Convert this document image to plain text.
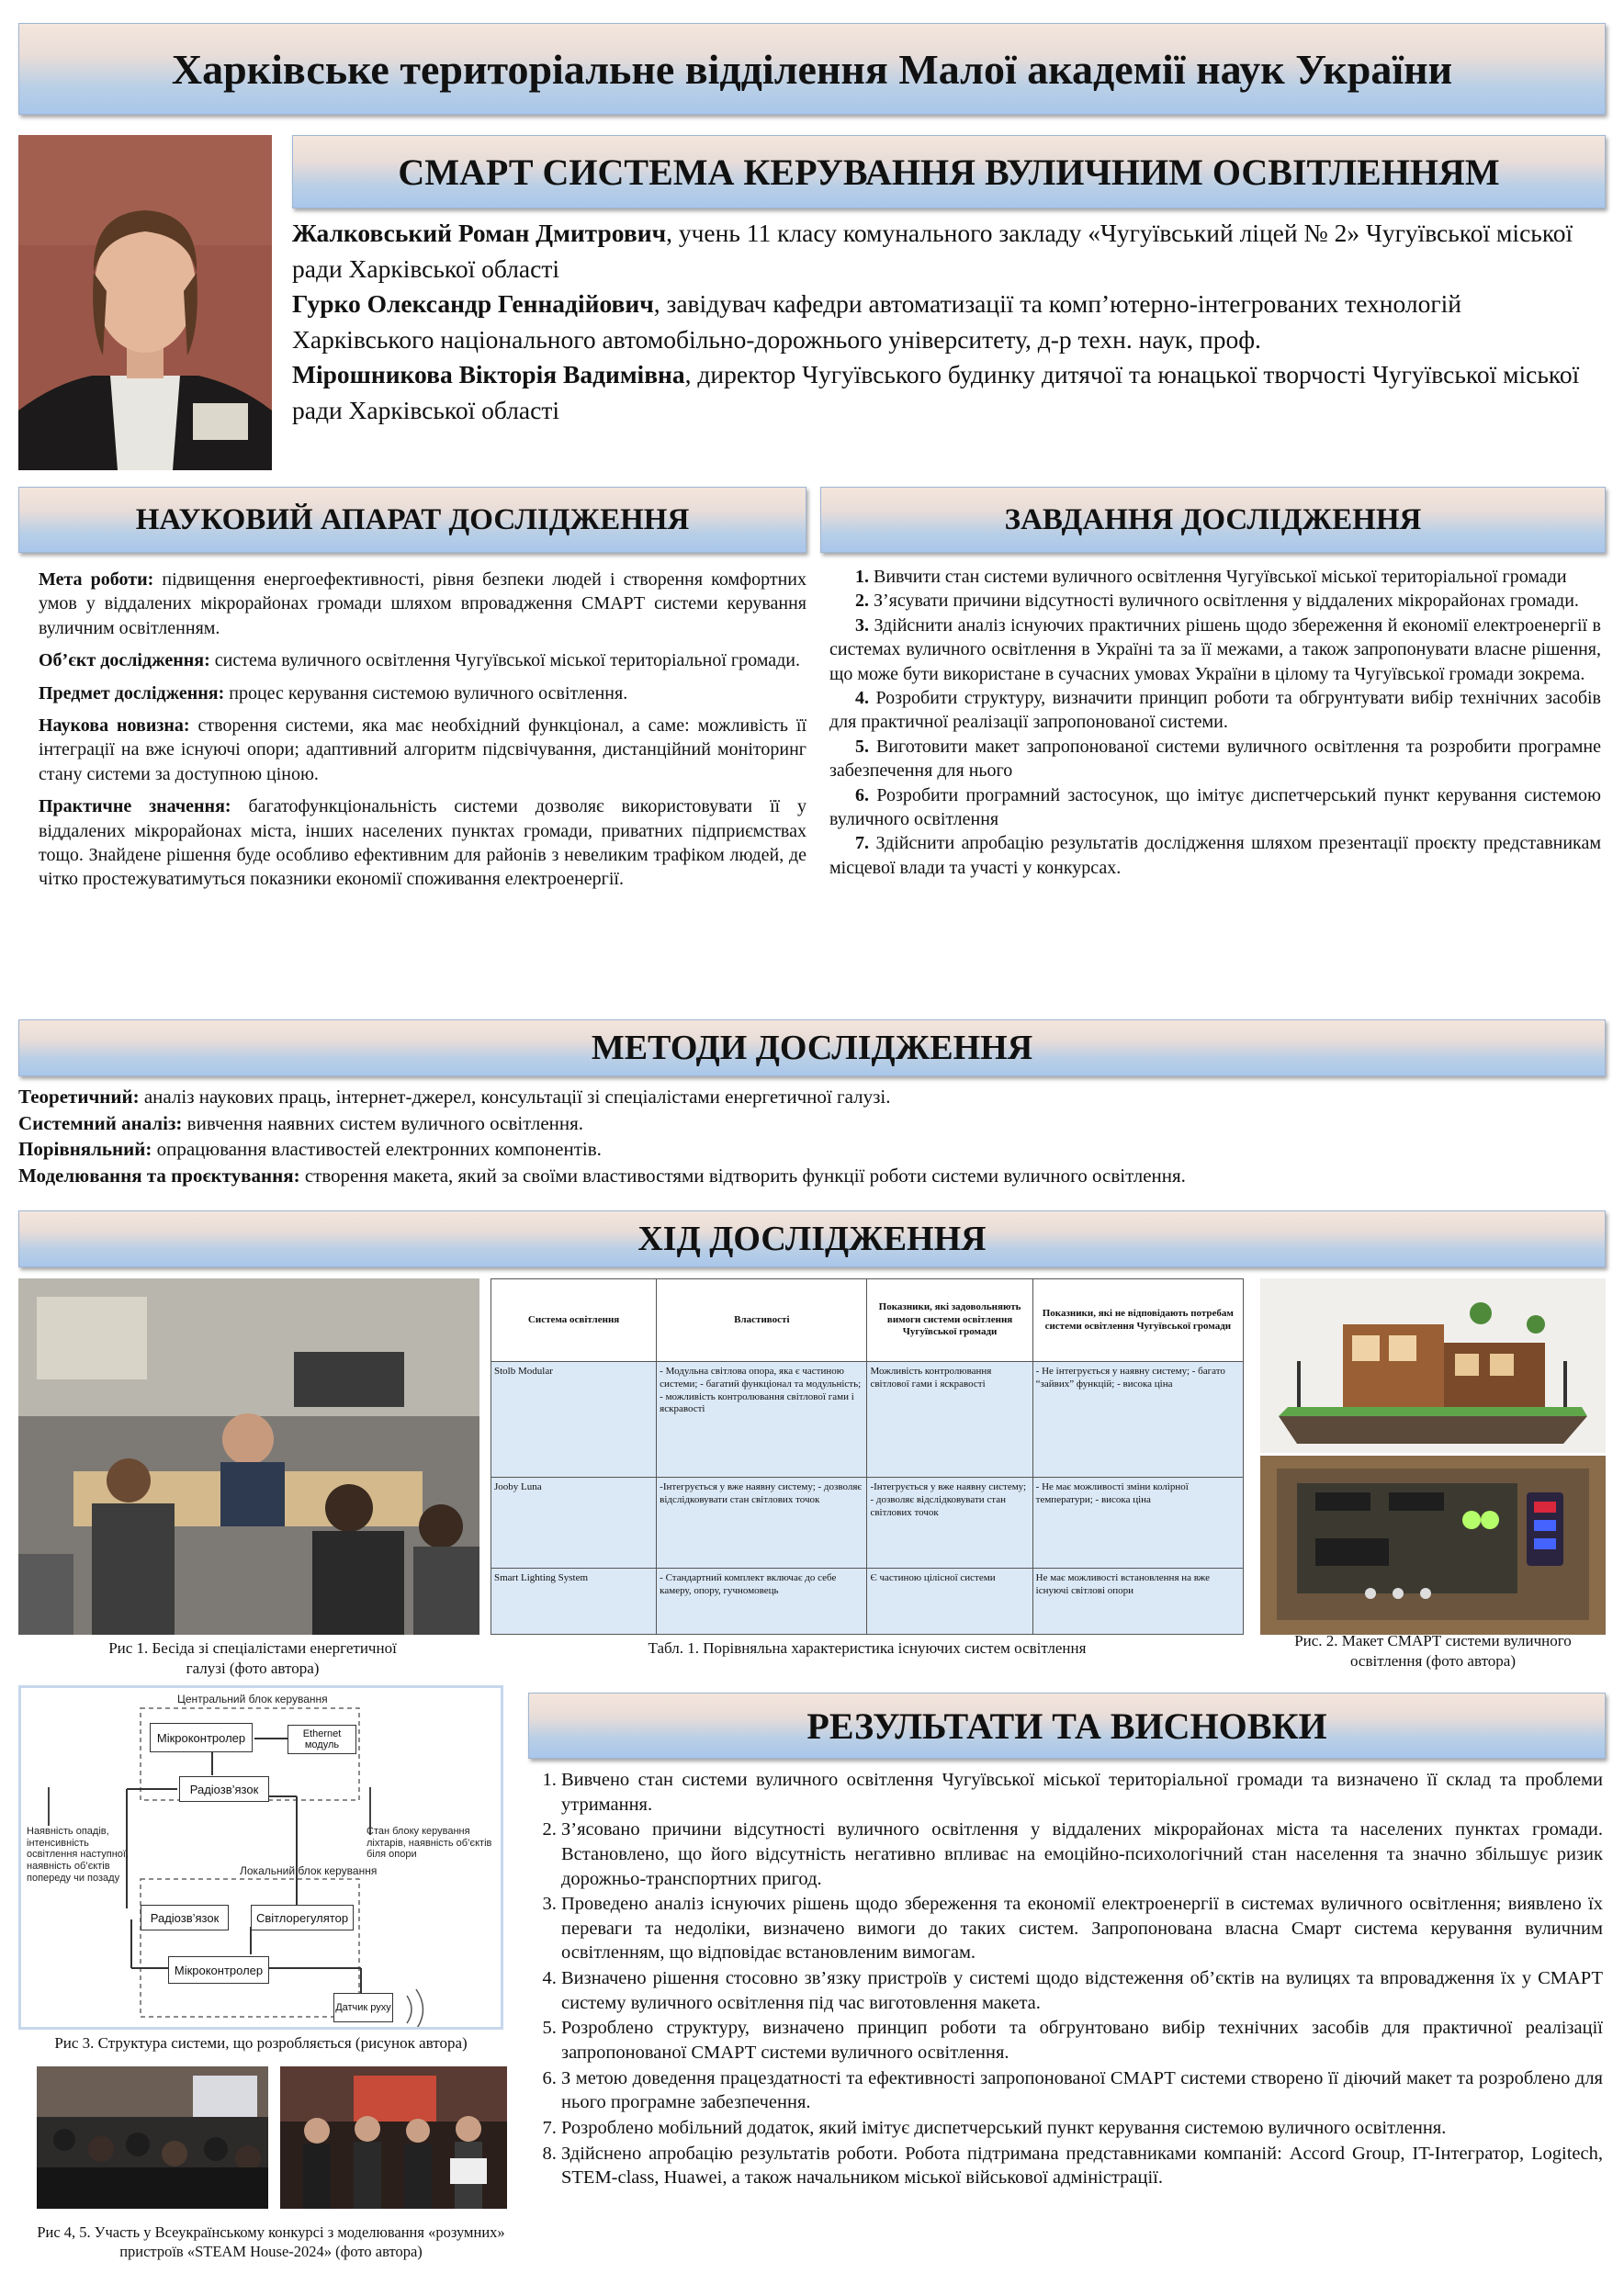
Харківське територіальне відділення Малої академії наук України
СМАРТ СИСТЕМА КЕРУВАННЯ ВУЛИЧНИМ ОСВІТЛЕННЯМ
Жалковський Роман Дмитрович, учень 11 класу комунального закладу «Чугуївський ліцей № 2» Чугуївської міської ради Харківської області
Гурко Олександр Геннадійович, завідувач кафедри автоматизації та комп’ютерно-інтегрованих технологій Харківського національного автомобільно-дорожнього університету, д-р техн. наук, проф.
Мірошникова Вікторія Вадимівна, директор Чугуївського будинку дитячої та юнацької творчості Чугуївської міської ради Харківської області
НАУКОВИЙ АПАРАТ ДОСЛІДЖЕННЯ
Мета роботи: підвищення енергоефективності, рівня безпеки людей і створення комфортних умов у віддалених мікрорайонах громади шляхом впровадження СМАРТ системи керування вуличним освітленням.
Об’єкт дослідження: система вуличного освітлення Чугуївської міської територіальної громади.
Предмет дослідження: процес керування системою вуличного освітлення.
Наукова новизна: створення системи, яка має необхідний функціонал, а саме: можливість її інтеграції на вже існуючі опори; адаптивний алгоритм підсвічування, дистанційний моніторинг стану системи за доступною ціною.
Практичне значення: багатофункціональність системи дозволяє використовувати її у віддалених мікрорайонах міста, інших населених пунктах громади, приватних підприємствах тощо. Знайдене рішення буде особливо ефективним для районів з невеликим трафіком людей, де чітко простежуватимуться показники економії споживання електроенергії.
ЗАВДАННЯ ДОСЛІДЖЕННЯ
1. Вивчити стан системи вуличного освітлення Чугуївської міської територіальної громади
2. З’ясувати причини відсутності вуличного освітлення у віддалених мікрорайонах громади.
3. Здійснити аналіз існуючих практичних рішень щодо збереження й економії електроенергії в системах вуличного освітлення в Україні та за її межами, а також запропонувати власне рішення, що може бути використане в сучасних умовах України в цілому та Чугуївської громади зокрема.
4. Розробити структуру, визначити принцип роботи та обгрунтувати вибір технічних засобів для практичної реалізації запропонованої системи.
5. Виготовити макет запропонованої системи вуличного освітлення та розробити програмне забезпечення для нього
6. Розробити програмний застосунок, що імітує диспетчерський пункт керування системою вуличного освітлення
7. Здійснити апробацію результатів дослідження шляхом презентації проєкту представникам місцевої влади та участі у конкурсах.
МЕТОДИ ДОСЛІДЖЕННЯ
Теоретичний: аналіз наукових праць, інтернет-джерел, консультації зі спеціалістами енергетичної галузі.
Системний аналіз: вивчення наявних систем вуличного освітлення.
Порівняльний: опрацювання властивостей електронних компонентів.
Моделювання та проєктування: створення макета, який за своїми властивостями відтворить функції роботи системи вуличного освітлення.
ХІД ДОСЛІДЖЕННЯ
Рис 1. Бесіда зі спеціалістами енергетичної галузі (фото автора)
Система освітлення	Властивості	Показники, які задовольняють вимоги системи освітлення Чугуївської громади	Показники, які не відповідають потребам системи освітлення Чугуївської громади
Stolb Modular	- Модульна світлова опора, яка є частиною системи; - багатий функціонал та модульність; - можливість контролювання світлової гами і яскравості	Можливість контролювання світлової гами і яскравості	- Не інтегрується у наявну систему; - багато “зайвих” функцій; - висока ціна
Jooby Luna	-Інтегрується у вже наявну систему; - дозволяє відслідковувати стан світлових точок	-Інтегрується у вже наявну систему; - дозволяє відслідковувати стан світлових точок	- Не має можливості зміни колірної температури; - висока ціна
Smart Lighting System	- Стандартний комплект включає до себе камеру, опору, гучномовець	Є частиною цілісної системи	Не має можливості встановлення на вже існуючі світлові опори
Табл. 1. Порівняльна характеристика існуючих систем освітлення	Рис. 2. Макет СМАРТ системи вуличного освітлення (фото автора)
Центральний блок керування
Мікроконтролер	Ethernet модуль
Радіозв’язок
Наявність опадів, інтенсивність освітлення наступної, наявність об’єктів попереду чи позаду
Стан блоку керування ліхтарів, наявність об’єктів біля опори
Локальний блок керування
Радіозв’язок	Світлорегулятор
Мікроконтролер
Датчик руху
Рис 3. Структура системи, що розробляється (рисунок автора)
Рис 4, 5. Участь у Всеукраїнському конкурсі з моделювання «розумних» пристроїв «STEAM House-2024» (фото автора)
РЕЗУЛЬТАТИ ТА ВИСНОВКИ
1. Вивчено стан системи вуличного освітлення Чугуївської міської територіальної громади та визначено її склад та проблеми утримання.
2. З’ясовано причини відсутності вуличного освітлення у віддалених мікрорайонах міста та населених пунктах громади. Встановлено, що його відсутність негативно впливає на емоційно-психологічний стан населення та значно збільшує ризик дорожньо-транспортних пригод.
3. Проведено аналіз існуючих рішень щодо збереження та економії електроенергії в системах вуличного освітлення; виявлено їх переваги та недоліки, визначено вимоги до таких систем. Запропонована власна Смарт система керування вуличним освітленням, що відповідає встановленим вимогам.
4. Визначено рішення стосовно зв’язку пристроїв у системі щодо відстеження об’єктів на вулицях та впровадження їх у СМАРТ систему вуличного освітлення під час виготовлення макета.
5. Розроблено структуру, визначено принцип роботи та обгрунтовано вибір технічних засобів для практичної реалізації запропонованої СМАРТ системи вуличного освітлення.
6. З метою доведення працездатності та ефективності запропонованої СМАРТ системи створено її діючий макет та розроблено для нього програмне забезпечення.
7. Розроблено мобільний додаток, який імітує диспетчерський пункт керування системою вуличного освітлення.
8. Здійснено апробацію результатів роботи. Робота підтримана представниками компаній: Accord Group, IT-Інтегратор, Logitech, STEM-class, Huawei, а також начальником міської військової адміністрації.
